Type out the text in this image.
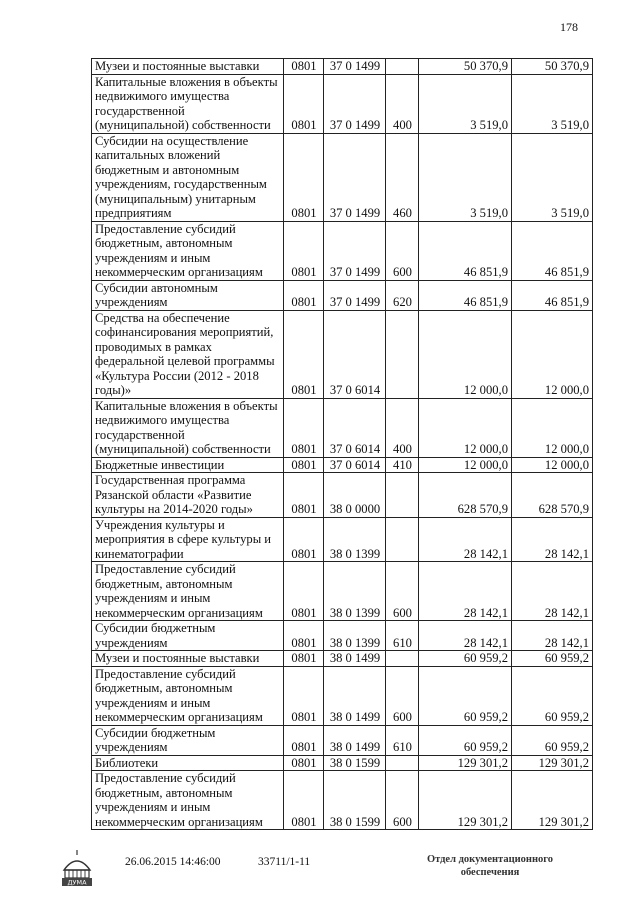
178
Музеи и постоянные выставки	0801	37 0 1499		50 370,9	50 370,9
Капитальные вложения в объекты недвижимого имущества государственной (муниципальной) собственности	0801	37 0 1499	400	3 519,0	3 519,0
Субсидии на осуществление капитальных вложений бюджетным и автономным учреждениям, государственным (муниципальным) унитарным предприятиям	0801	37 0 1499	460	3 519,0	3 519,0
Предоставление субсидий бюджетным, автономным учреждениям и иным некоммерческим организациям	0801	37 0 1499	600	46 851,9	46 851,9
Субсидии автономным учреждениям	0801	37 0 1499	620	46 851,9	46 851,9
Средства на обеспечение софинансирования мероприятий, проводимых в рамках федеральной целевой программы «Культура России (2012 - 2018 годы)»	0801	37 0 6014		12 000,0	12 000,0
Капитальные вложения в объекты недвижимого имущества государственной (муниципальной) собственности	0801	37 0 6014	400	12 000,0	12 000,0
Бюджетные инвестиции	0801	37 0 6014	410	12 000,0	12 000,0
Государственная программа Рязанской области «Развитие культуры на 2014-2020 годы»	0801	38 0 0000		628 570,9	628 570,9
Учреждения культуры и мероприятия в сфере культуры и кинематографии	0801	38 0 1399		28 142,1	28 142,1
Предоставление субсидий бюджетным, автономным учреждениям и иным некоммерческим организациям	0801	38 0 1399	600	28 142,1	28 142,1
Субсидии бюджетным учреждениям	0801	38 0 1399	610	28 142,1	28 142,1
Музеи и постоянные выставки	0801	38 0 1499		60 959,2	60 959,2
Предоставление субсидий бюджетным, автономным учреждениям и иным некоммерческим организациям	0801	38 0 1499	600	60 959,2	60 959,2
Субсидии бюджетным учреждениям	0801	38 0 1499	610	60 959,2	60 959,2
Библиотеки	0801	38 0 1599		129 301,2	129 301,2
Предоставление субсидий бюджетным, автономным учреждениям и иным некоммерческим организациям	0801	38 0 1599	600	129 301,2	129 301,2
ДУМА
26.06.2015 14:46:00	33711/1-11	Отдел документационного обеспечения
